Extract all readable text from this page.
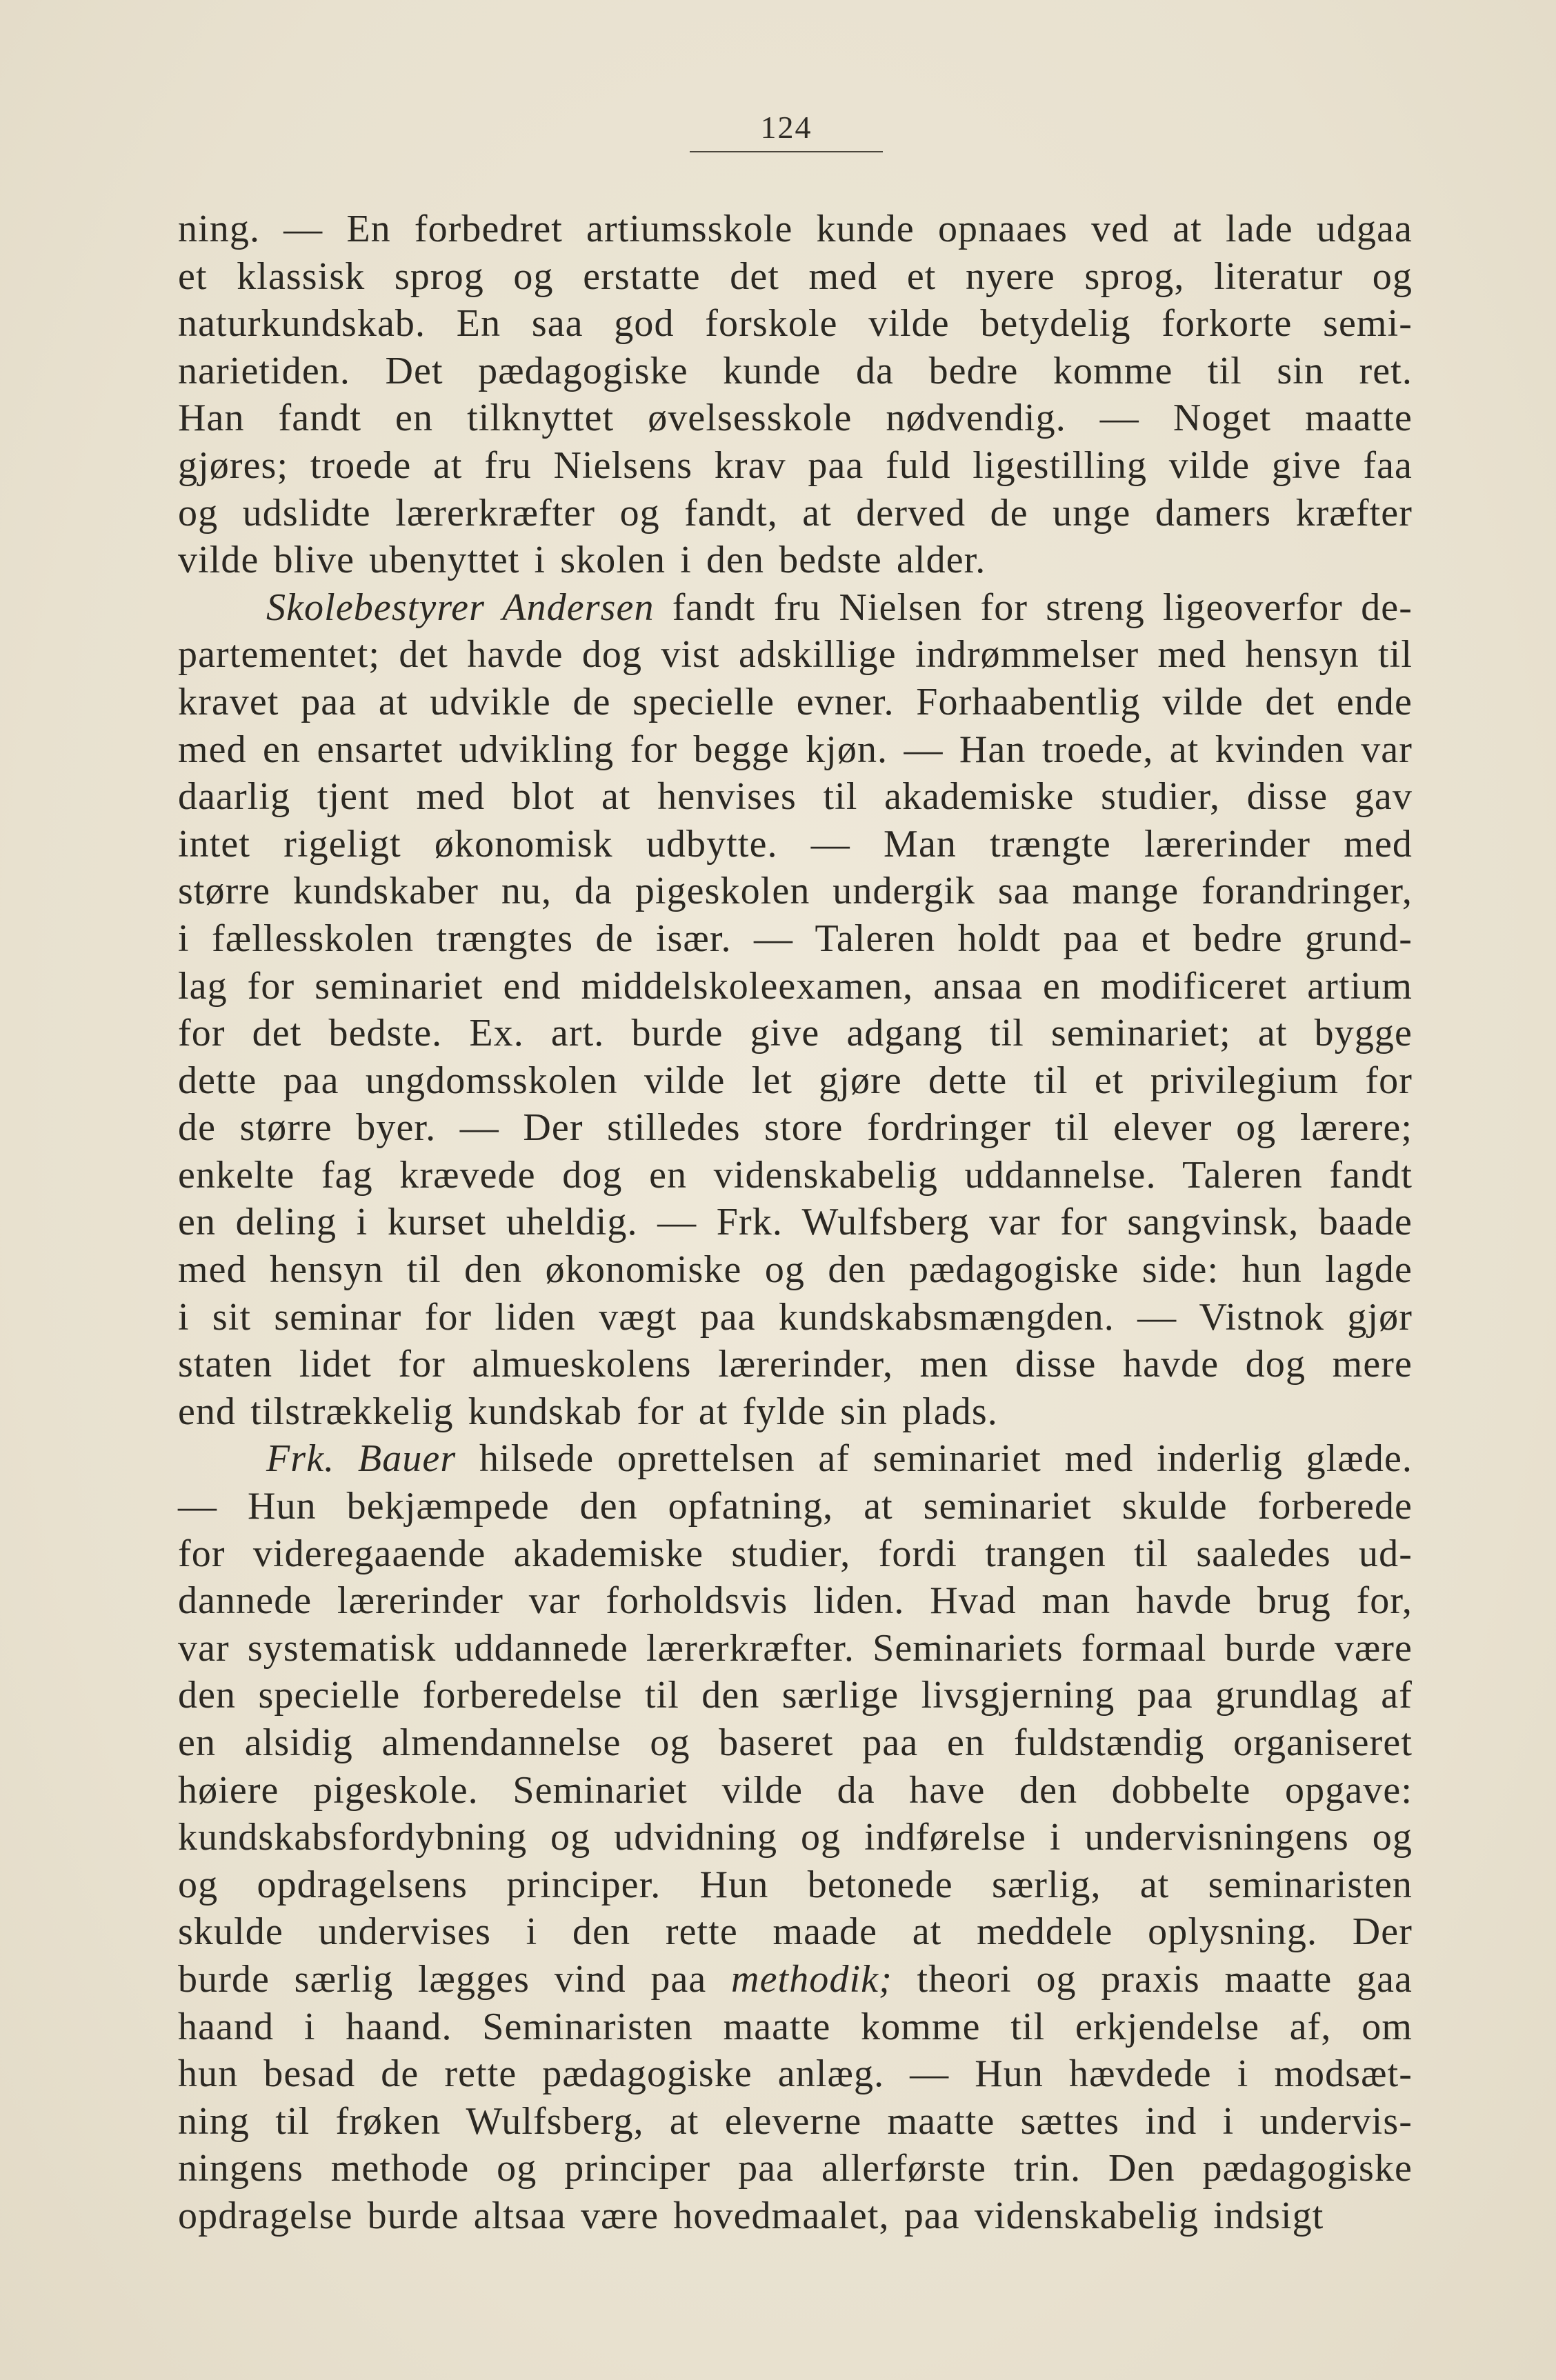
124
ning. — En forbedret artiumsskole kunde opnaaes ved at lade udgaa
et klassisk sprog og erstatte det med et nyere sprog, literatur og
naturkundskab. En saa god forskole vilde betydelig forkorte semi-
narietiden. Det pædagogiske kunde da bedre komme til sin ret.
Han fandt en tilknyttet øvelsesskole nødvendig. — Noget maatte
gjøres; troede at fru Nielsens krav paa fuld ligestilling vilde give faa
og udslidte lærerkræfter og fandt, at derved de unge damers kræfter
vilde blive ubenyttet i skolen i den bedste alder.
Skolebestyrer Andersen fandt fru Nielsen for streng ligeoverfor de-
partementet; det havde dog vist adskillige indrømmelser med hensyn til
kravet paa at udvikle de specielle evner. Forhaabentlig vilde det ende
med en ensartet udvikling for begge kjøn. — Han troede, at kvinden var
daarlig tjent med blot at henvises til akademiske studier, disse gav
intet rigeligt økonomisk udbytte. — Man trængte lærerinder med
større kundskaber nu, da pigeskolen undergik saa mange forandringer,
i fællesskolen trængtes de især. — Taleren holdt paa et bedre grund-
lag for seminariet end middelskoleexamen, ansaa en modificeret artium
for det bedste. Ex. art. burde give adgang til seminariet; at bygge
dette paa ungdomsskolen vilde let gjøre dette til et privilegium for
de større byer. — Der stilledes store fordringer til elever og lærere;
enkelte fag krævede dog en videnskabelig uddannelse. Taleren fandt
en deling i kurset uheldig. — Frk. Wulfsberg var for sangvinsk, baade
med hensyn til den økonomiske og den pædagogiske side: hun lagde
i sit seminar for liden vægt paa kundskabsmængden. — Vistnok gjør
staten lidet for almueskolens lærerinder, men disse havde dog mere
end tilstrækkelig kundskab for at fylde sin plads.
Frk. Bauer hilsede oprettelsen af seminariet med inderlig glæde.
— Hun bekjæmpede den opfatning, at seminariet skulde forberede
for videregaaende akademiske studier, fordi trangen til saaledes ud-
dannede lærerinder var forholdsvis liden. Hvad man havde brug for,
var systematisk uddannede lærerkræfter. Seminariets formaal burde være
den specielle forberedelse til den særlige livsgjerning paa grundlag af
en alsidig almendannelse og baseret paa en fuldstændig organiseret
høiere pigeskole. Seminariet vilde da have den dobbelte opgave:
kundskabsfordybning og udvidning og indførelse i undervisningens og
og opdragelsens principer. Hun betonede særlig, at seminaristen
skulde undervises i den rette maade at meddele oplysning. Der
burde særlig lægges vind paa methodik; theori og praxis maatte gaa
haand i haand. Seminaristen maatte komme til erkjendelse af, om
hun besad de rette pædagogiske anlæg. — Hun hævdede i modsæt-
ning til frøken Wulfsberg, at eleverne maatte sættes ind i undervis-
ningens methode og principer paa allerførste trin. Den pædagogiske
opdragelse burde altsaa være hovedmaalet, paa videnskabelig indsigt
